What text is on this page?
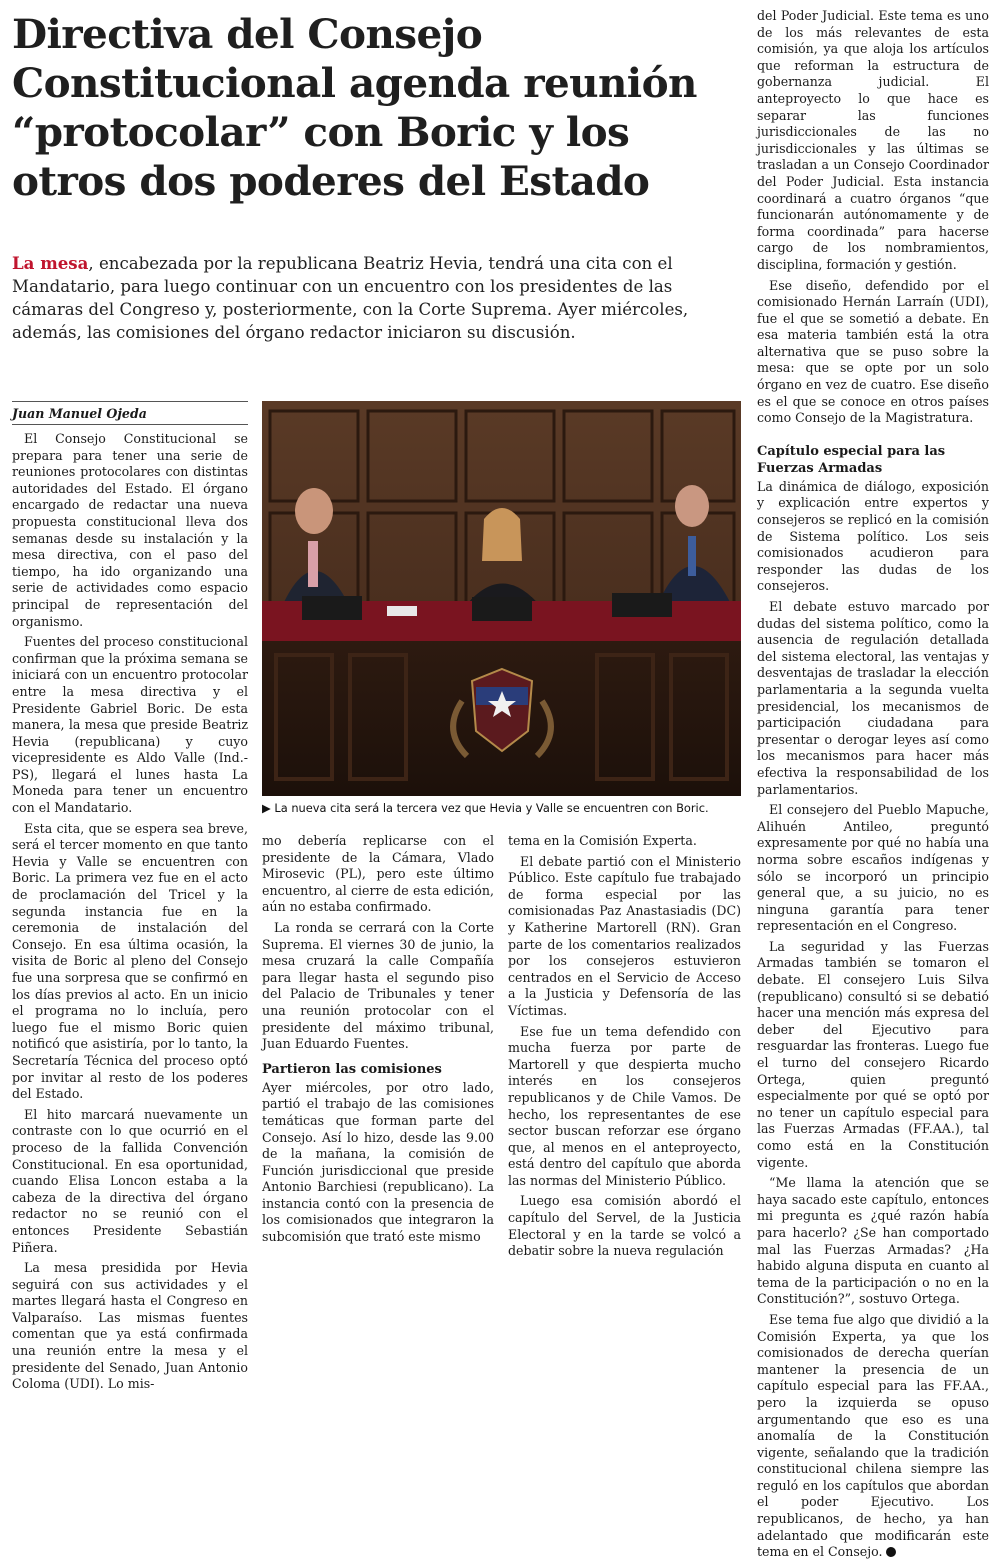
Directiva del Consejo
Constitucional agenda reunión
“protocolar” con Boric y los
otros dos poderes del Estado

La mesa, encabezada por la republicana Beatriz Hevia, tendrá una cita con el Mandatario, para luego continuar con un encuentro con los presidentes de las cámaras del Congreso y, posteriormente, con la Corte Suprema. Ayer miércoles, además, las comisiones del órgano redactor iniciaron su discusión.

Juan Manuel Ojeda

El Consejo Constitucional se prepara para tener una serie de reuniones protocolares con distintas autoridades del Estado. El órgano encargado de redactar una nueva propuesta constitucional lleva dos semanas desde su instalación y la mesa directiva, con el paso del tiempo, ha ido organizando una serie de actividades como espacio principal de representación del organismo.

Fuentes del proceso constitucional confirman que la próxima semana se iniciará con un encuentro protocolar entre la mesa directiva y el Presidente Gabriel Boric. De esta manera, la mesa que preside Beatriz Hevia (republicana) y cuyo vicepresidente es Aldo Valle (Ind.-PS), llegará el lunes hasta La Moneda para tener un encuentro con el Mandatario.

Esta cita, que se espera sea breve, será el tercer momento en que tanto Hevia y Valle se encuentren con Boric. La primera vez fue en el acto de proclamación del Tricel y la segunda instancia fue en la ceremonia de instalación del Consejo. En esa última ocasión, la visita de Boric al pleno del Consejo fue una sorpresa que se confirmó en los días previos al acto. En un inicio el programa no lo incluía, pero luego fue el mismo Boric quien notificó que asistiría, por lo tanto, la Secretaría Técnica del proceso optó por invitar al resto de los poderes del Estado.

El hito marcará nuevamente un contraste con lo que ocurrió en el proceso de la fallida Convención Constitucional. En esa oportunidad, cuando Elisa Loncon estaba a la cabeza de la directiva del órgano redactor no se reunió con el entonces Presidente Sebastián Piñera.

La mesa presidida por Hevia seguirá con sus actividades y el martes llegará hasta el Congreso en Valparaíso. Las mismas fuentes comentan que ya está confirmada una reunión entre la mesa y el presidente del Senado, Juan Antonio Coloma (UDI). Lo mis-

▶ La nueva cita será la tercera vez que Hevia y Valle se encuentren con Boric.

mo debería replicarse con el presidente de la Cámara, Vlado Mirosevic (PL), pero este último encuentro, al cierre de esta edición, aún no estaba confirmado.

La ronda se cerrará con la Corte Suprema. El viernes 30 de junio, la mesa cruzará la calle Compañía para llegar hasta el segundo piso del Palacio de Tribunales y tener una reunión protocolar con el presidente del máximo tribunal, Juan Eduardo Fuentes.

Partieron las comisiones

Ayer miércoles, por otro lado, partió el trabajo de las comisiones temáticas que forman parte del Consejo. Así lo hizo, desde las 9.00 de la mañana, la comisión de Función jurisdiccional que preside Antonio Barchiesi (republicano). La instancia contó con la presencia de los comisionados que integraron la subcomisión que trató este mismo

tema en la Comisión Experta.

El debate partió con el Ministerio Público. Este capítulo fue trabajado de forma especial por las comisionadas Paz Anastasiadis (DC) y Katherine Martorell (RN). Gran parte de los comentarios realizados por los consejeros estuvieron centrados en el Servicio de Acceso a la Justicia y Defensoría de las Víctimas.

Ese fue un tema defendido con mucha fuerza por parte de Martorell y que despierta mucho interés en los consejeros republicanos y de Chile Vamos. De hecho, los representantes de ese sector buscan reforzar ese órgano que, al menos en el anteproyecto, está dentro del capítulo que aborda las normas del Ministerio Público.

Luego esa comisión abordó el capítulo del Servel, de la Justicia Electoral y en la tarde se volcó a debatir sobre la nueva regulación

del Poder Judicial. Este tema es uno de los más relevantes de esta comisión, ya que aloja los artículos que reforman la estructura de gobernanza judicial. El anteproyecto lo que hace es separar las funciones jurisdiccionales de las no jurisdiccionales y las últimas se trasladan a un Consejo Coordinador del Poder Judicial. Esta instancia coordinará a cuatro órganos “que funcionarán autónomamente y de forma coordinada” para hacerse cargo de los nombramientos, disciplina, formación y gestión.

Ese diseño, defendido por el comisionado Hernán Larraín (UDI), fue el que se sometió a debate. En esa materia también está la otra alternativa que se puso sobre la mesa: que se opte por un solo órgano en vez de cuatro. Ese diseño es el que se conoce en otros países como Consejo de la Magistratura.

Capítulo especial para las Fuerzas Armadas

La dinámica de diálogo, exposición y explicación entre expertos y consejeros se replicó en la comisión de Sistema político. Los seis comisionados acudieron para responder las dudas de los consejeros.

El debate estuvo marcado por dudas del sistema político, como la ausencia de regulación detallada del sistema electoral, las ventajas y desventajas de trasladar la elección parlamentaria a la segunda vuelta presidencial, los mecanismos de participación ciudadana para presentar o derogar leyes así como los mecanismos para hacer más efectiva la responsabilidad de los parlamentarios.

El consejero del Pueblo Mapuche, Alihuén Antileo, preguntó expresamente por qué no había una norma sobre escaños indígenas y sólo se incorporó un principio general que, a su juicio, no es ninguna garantía para tener representación en el Congreso.

La seguridad y las Fuerzas Armadas también se tomaron el debate. El consejero Luis Silva (republicano) consultó si se debatió hacer una mención más expresa del deber del Ejecutivo para resguardar las fronteras. Luego fue el turno del consejero Ricardo Ortega, quien preguntó especialmente por qué se optó por no tener un capítulo especial para las Fuerzas Armadas (FF.AA.), tal como está en la Constitución vigente.

“Me llama la atención que se haya sacado este capítulo, entonces mi pregunta es ¿qué razón había para hacerlo? ¿Se han comportado mal las Fuerzas Armadas? ¿Ha habido alguna disputa en cuanto al tema de la participación o no en la Constitución?”, sostuvo Ortega.

Ese tema fue algo que dividió a la Comisión Experta, ya que los comisionados de derecha querían mantener la presencia de un capítulo especial para las FF.AA., pero la izquierda se opuso argumentando que eso es una anomalía de la Constitución vigente, señalando que la tradición constitucional chilena siempre las reguló en los capítulos que abordan el poder Ejecutivo. Los republicanos, de hecho, ya han adelantado que modificarán este tema en el Consejo.
